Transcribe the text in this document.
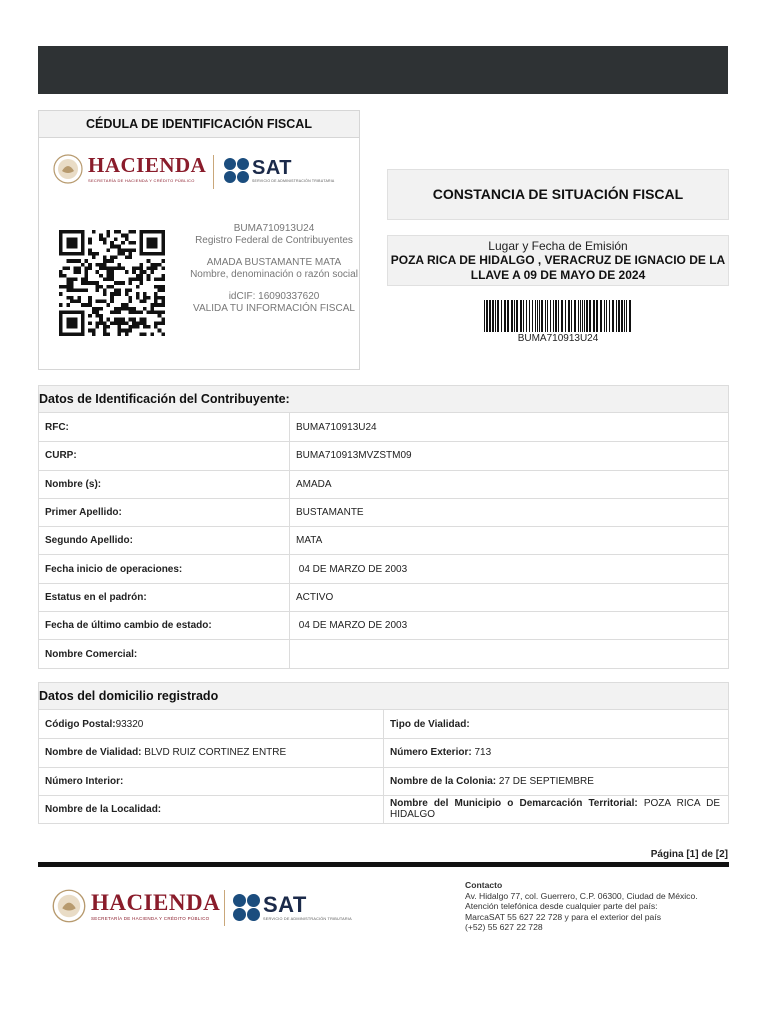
CÉDULA DE IDENTIFICACIÓN FISCAL
HACIENDA
SECRETARÍA DE HACIENDA Y CRÉDITO PÚBLICO
SAT
SERVICIO DE ADMINISTRACIÓN TRIBUTARIA
BUMA710913U24
Registro Federal de Contribuyentes
AMADA BUSTAMANTE MATA
Nombre, denominación o razón social
idCIF: 16090337620
VALIDA TU INFORMACIÓN FISCAL
CONSTANCIA DE SITUACIÓN FISCAL
Lugar y Fecha de Emisión
POZA RICA DE HIDALGO , VERACRUZ DE IGNACIO DE LA LLAVE A 09 DE MAYO DE 2024
BUMA710913U24
Datos de Identificación del Contribuyente:
RFC:	BUMA710913U24
CURP:	BUMA710913MVZSTM09
Nombre (s):	AMADA
Primer Apellido:	BUSTAMANTE
Segundo Apellido:	MATA
Fecha inicio de operaciones:	04 DE MARZO DE 2003
Estatus en el padrón:	ACTIVO
Fecha de último cambio de estado:	04 DE MARZO DE 2003
Nombre Comercial:
Datos del domicilio registrado
Código Postal: 93320	Tipo de Vialidad:
Nombre de Vialidad: BLVD RUIZ CORTINEZ ENTRE	Número Exterior: 713
Número Interior:	Nombre de la Colonia: 27 DE SEPTIEMBRE
Nombre de la Localidad:
Nombre del Municipio o Demarcación Territorial: POZA RICA DE HIDALGO
Página [1] de [2]
HACIENDA
SECRETARÍA DE HACIENDA Y CRÉDITO PÚBLICO
SAT
SERVICIO DE ADMINISTRACIÓN TRIBUTARIA
Contacto
Av. Hidalgo 77, col. Guerrero, C.P. 06300, Ciudad de México.
Atención telefónica desde cualquier parte del país:
MarcaSAT 55 627 22 728 y para el exterior del país
(+52) 55 627 22 728
